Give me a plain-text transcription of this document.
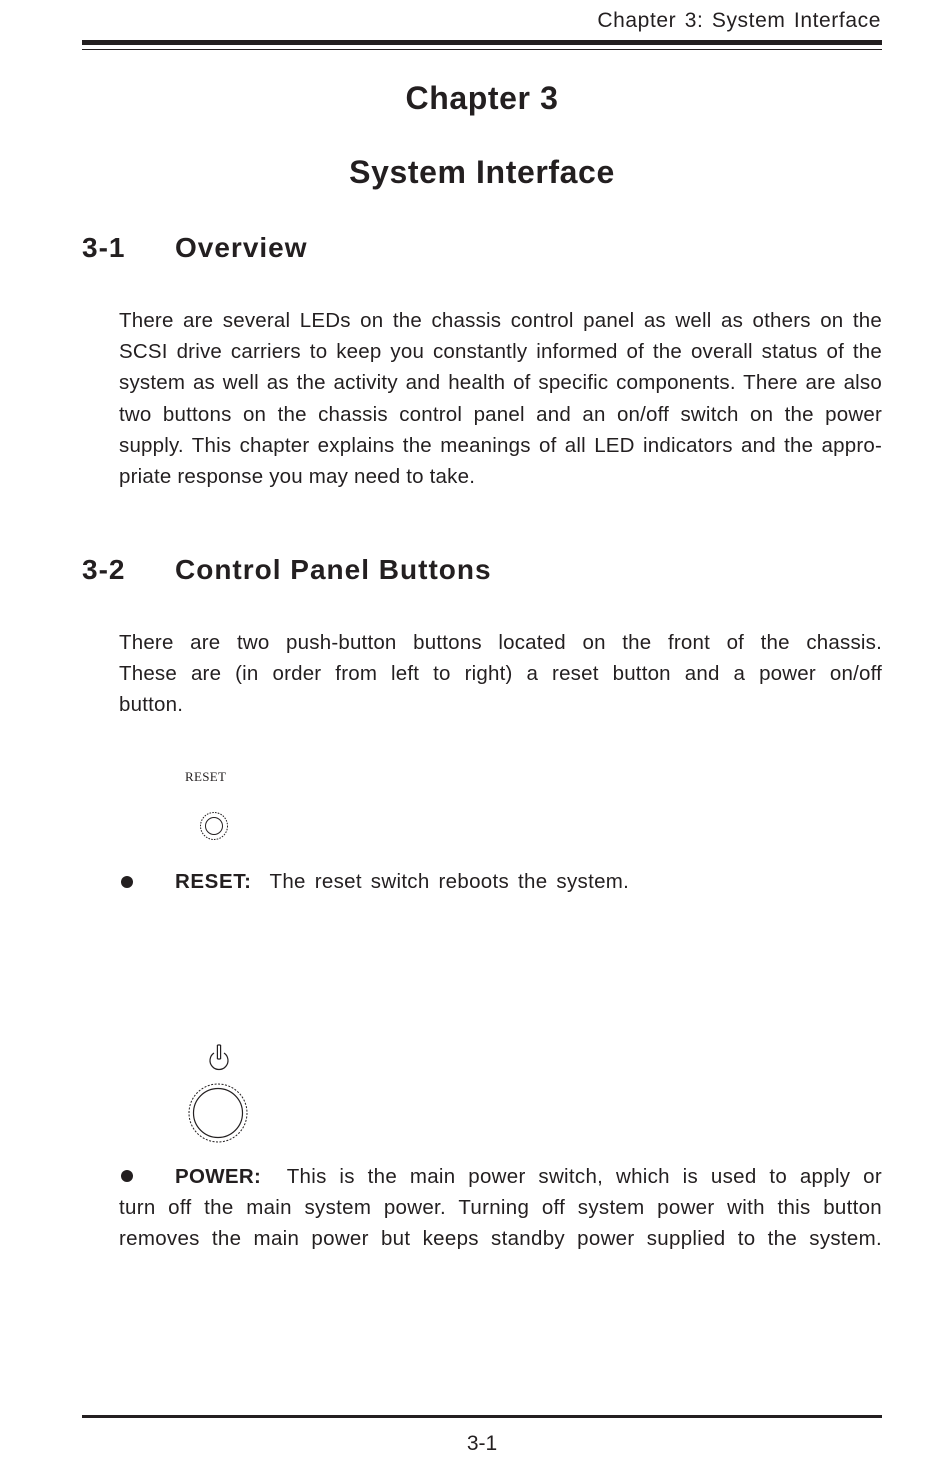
Chapter 3: System Interface
Chapter 3
System Interface
3-1 Overview

There are several LEDs on the chassis control panel as well as others on the
SCSI drive carriers to keep you constantly informed of the overall status of the
system as well as the activity and health of specific components. There are also
two buttons on the chassis control panel and an on/off switch on the power
supply. This chapter explains the meanings of all LED indicators and the appro-
priate response you may need to take.

3-2 Control Panel Buttons

There are two push-button buttons located on the front of the chassis.
These are (in order from left to right) a reset button and a power on/off
button.

RESET

RESET: The reset switch reboots the system.

POWER: This is the main power switch, which is used to apply or
turn off the main system power. Turning off system power with this button
removes the main power but keeps standby power supplied to the system.

3-1
